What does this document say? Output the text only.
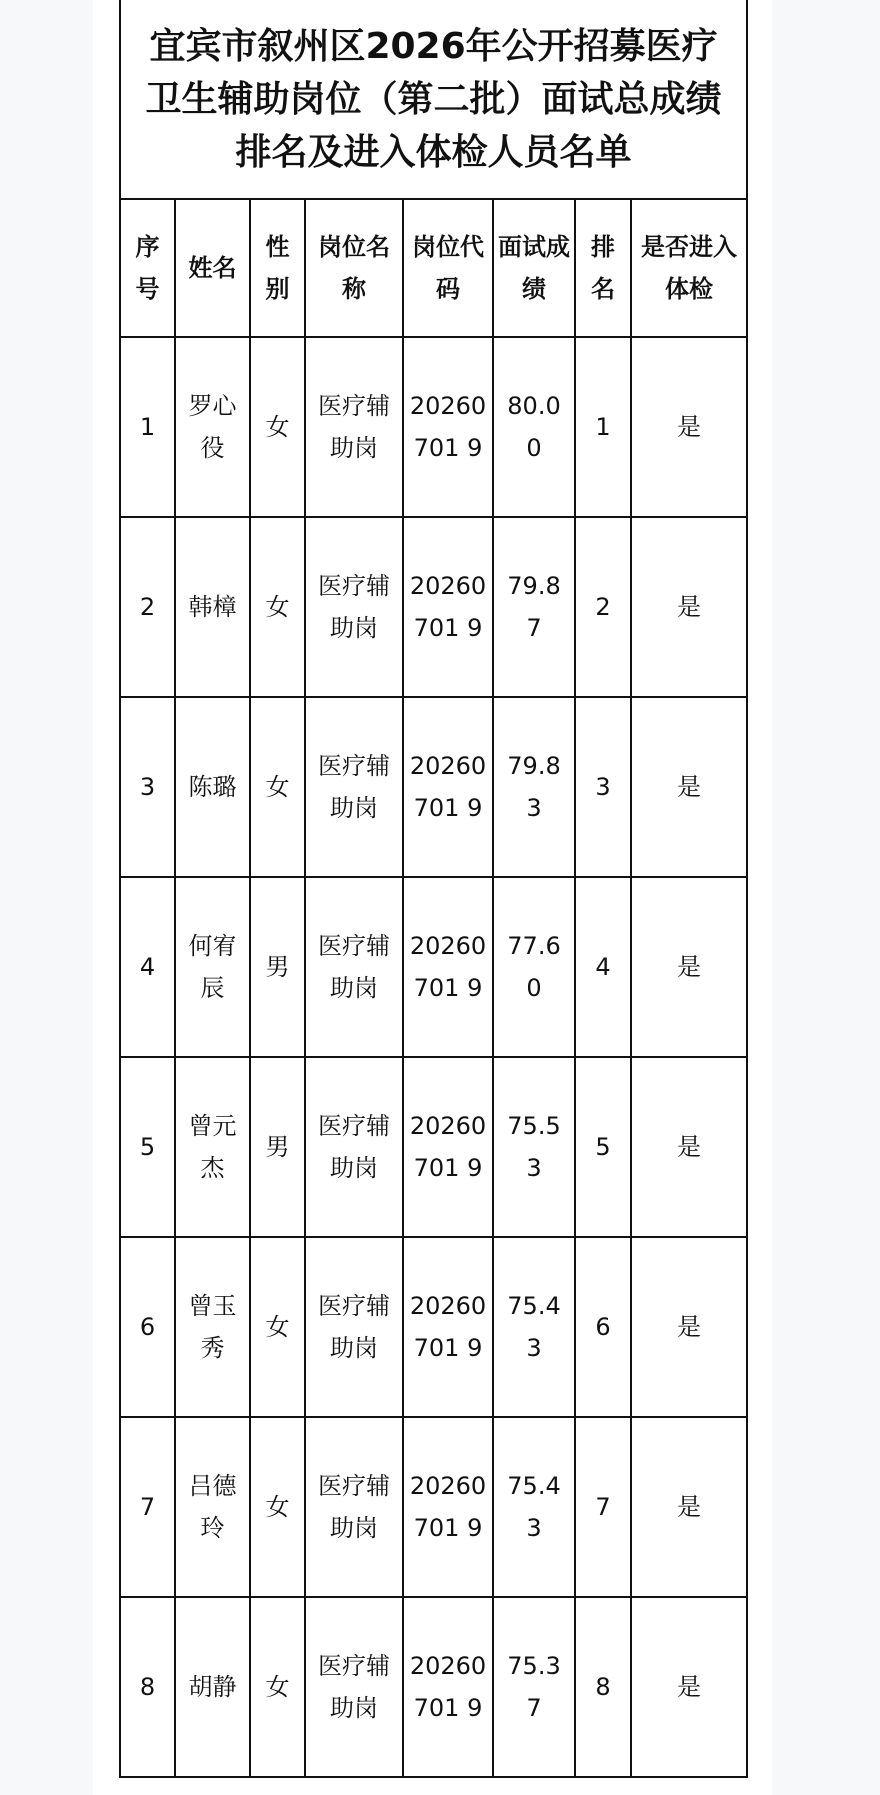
宜宾市叙州区2026年公开招募医疗卫生辅助岗位（第二批）面试总成绩排名及进入体检人员名单							
序号	姓名	性别	岗位名称	岗位代码	面试成绩	排名	是否进入体检
1	罗心役	女	医疗辅助岗	20260701 9	80.00	1	是
2	韩樟	女	医疗辅助岗	20260701 9	79.87	2	是
3	陈璐	女	医疗辅助岗	20260701 9	79.83	3	是
4	何宥辰	男	医疗辅助岗	20260701 9	77.60	4	是
5	曾元杰	男	医疗辅助岗	20260701 9	75.53	5	是
6	曾玉秀	女	医疗辅助岗	20260701 9	75.43	6	是
7	吕德玲	女	医疗辅助岗	20260701 9	75.43	7	是
8	胡静	女	医疗辅助岗	20260701 9	75.37	8	是
